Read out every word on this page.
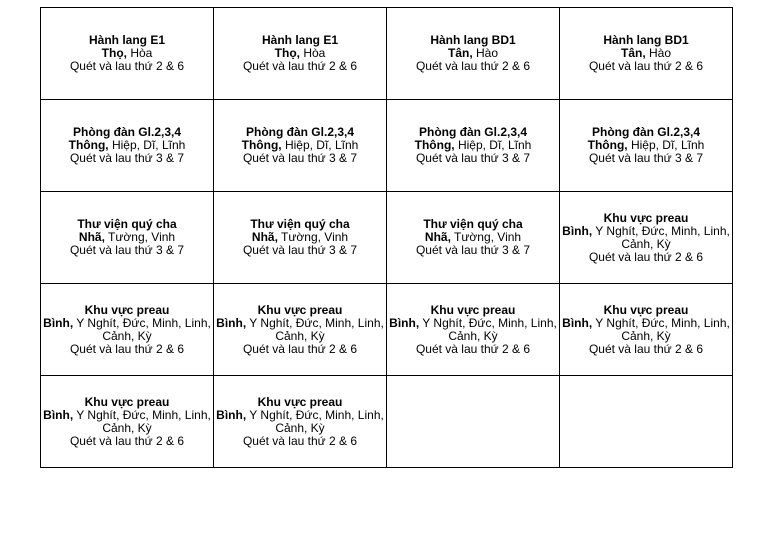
Hành lang E1
Thọ, Hòa
Quét và lau thứ 2 & 6	Hành lang E1
Thọ, Hòa
Quét và lau thứ 2 & 6	Hành lang BD1
Tân, Hào
Quét và lau thứ 2 & 6	Hành lang BD1
Tân, Hào
Quét và lau thứ 2 & 6

Phòng đàn Gl.2,3,4
Thông, Hiệp, Dĩ, Lĩnh
Quét và lau thứ 3 & 7	Phòng đàn Gl.2,3,4
Thông, Hiệp, Dĩ, Lĩnh
Quét và lau thứ 3 & 7	Phòng đàn Gl.2,3,4
Thông, Hiệp, Dĩ, Lĩnh
Quét và lau thứ 3 & 7	Phòng đàn Gl.2,3,4
Thông, Hiệp, Dĩ, Lĩnh
Quét và lau thứ 3 & 7

Thư viện quý cha
Nhã, Tường, Vinh
Quét và lau thứ 3 & 7	Thư viện quý cha
Nhã, Tường, Vinh
Quét và lau thứ 3 & 7	Thư viện quý cha
Nhã, Tường, Vinh
Quét và lau thứ 3 & 7	Khu vực preau
Bình, Y Nghít, Đức, Minh, Linh, Cảnh, Kỳ
Quét và lau thứ 2 & 6

Khu vực preau
Bình, Y Nghít, Đức, Minh, Linh, Cảnh, Kỳ
Quét và lau thứ 2 & 6	Khu vực preau
Bình, Y Nghít, Đức, Minh, Linh, Cảnh, Kỳ
Quét và lau thứ 2 & 6	Khu vực preau
Bình, Y Nghít, Đức, Minh, Linh, Cảnh, Kỳ
Quét và lau thứ 2 & 6	Khu vực preau
Bình, Y Nghít, Đức, Minh, Linh, Cảnh, Kỳ
Quét và lau thứ 2 & 6

Khu vực preau
Bình, Y Nghít, Đức, Minh, Linh, Cảnh, Kỳ
Quét và lau thứ 2 & 6	Khu vực preau
Bình, Y Nghít, Đức, Minh, Linh, Cảnh, Kỳ
Quét và lau thứ 2 & 6		
